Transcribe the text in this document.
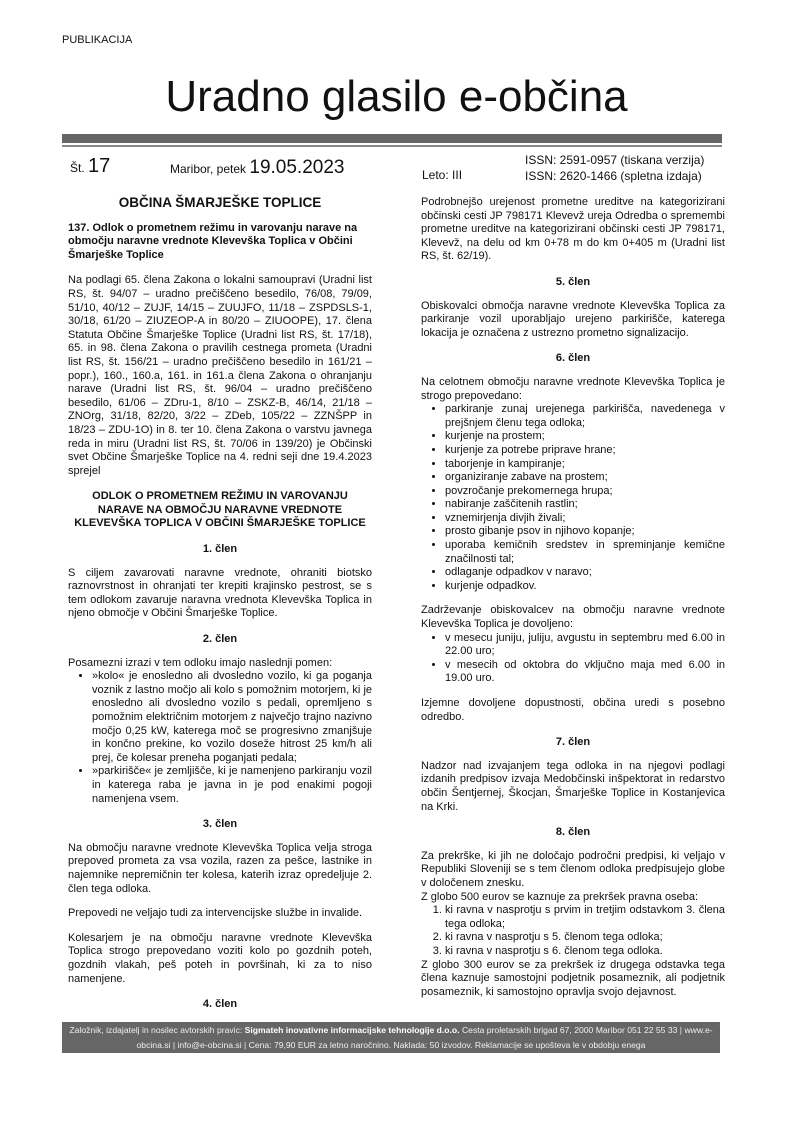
PUBLIKACIJA
Uradno glasilo e-občina
Št. 17	Maribor, petek 19.05.2023	Leto: III
ISSN: 2591-0957 (tiskana verzija)
ISSN: 2620-1466 (spletna izdaja)
OBČINA ŠMARJEŠKE TOPLICE
137. Odlok o prometnem režimu in varovanju narave na območju naravne vrednote Klevevška Toplica v Občini Šmarješke Toplice

Na podlagi 65. člena Zakona o lokalni samoupravi (Uradni list RS, št. 94/07 – uradno prečiščeno besedilo, 76/08, 79/09, 51/10, 40/12 – ZUJF, 14/15 – ZUUJFO, 11/18 – ZSPDSLS-1, 30/18, 61/20 – ZIUZEOP-A in 80/20 – ZIUOOPE), 17. člena Statuta Občine Šmarješke Toplice (Uradni list RS, št. 17/18), 65. in 98. člena Zakona o pravilih cestnega prometa (Uradni list RS, št. 156/21 – uradno prečiščeno besedilo in 161/21 – popr.), 160., 160.a, 161. in 161.a člena Zakona o ohranjanju narave (Uradni list RS, št. 96/04 – uradno prečiščeno besedilo, 61/06 – ZDru-1, 8/10 – ZSKZ-B, 46/14, 21/18 – ZNOrg, 31/18, 82/20, 3/22 – ZDeb, 105/22 – ZZNŠPP in 18/23 – ZDU-1O) in 8. ter 10. člena Zakona o varstvu javnega reda in miru (Uradni list RS, št. 70/06 in 139/20) je Občinski svet Občine Šmarješke Toplice na 4. redni seji dne 19.4.2023 sprejel

ODLOK O PROMETNEM REŽIMU IN VAROVANJU NARAVE NA OBMOČJU NARAVNE VREDNOTE KLEVEVŠKA TOPLICA V OBČINI ŠMARJEŠKE TOPLICE

1. člen

S ciljem zavarovati naravne vrednote, ohraniti biotsko raznovrstnost in ohranjati ter krepiti krajinsko pestrost, se s tem odlokom zavaruje naravna vrednota Klevevška Toplica in njeno območje v Občini Šmarješke Toplice.

2. člen

Posamezni izrazi v tem odloku imajo naslednji pomen:

• »kolo« je enosledno ali dvosledno vozilo, ki ga poganja voznik z lastno močjo ali kolo s pomožnim motorjem, ki je enosledno ali dvosledno vozilo s pedali, opremljeno s pomožnim električnim motorjem z največjo trajno nazivno močjo 0,25 kW, katerega moč se progresivno zmanjšuje in končno prekine, ko vozilo doseže hitrost 25 km/h ali prej, če kolesar preneha poganjati pedala;
• »parkirišče« je zemljišče, ki je namenjeno parkiranju vozil in katerega raba je javna in je pod enakimi pogoji namenjena vsem.

3. člen

Na območju naravne vrednote Klevevška Toplica velja stroga prepoved prometa za vsa vozila, razen za pešce, lastnike in najemnike nepremičnin ter kolesa, katerih izraz opredeljuje 2. člen tega odloka.

Prepovedi ne veljajo tudi za intervencijske službe in invalide.

Kolesarjem je na območju naravne vrednote Klevevška Toplica strogo prepovedano voziti kolo po gozdnih poteh, gozdnih vlakah, peš poteh in površinah, ki za to niso namenjene.

4. člen

Podrobnejšo urejenost prometne ureditve na kategorizirani občinski cesti JP 798171 Klevevž ureja Odredba o spremembi prometne ureditve na kategorizirani občinski cesti JP 798171, Klevevž, na delu od km 0+78 m do km 0+405 m (Uradni list RS, št. 62/19).

5. člen

Obiskovalci območja naravne vrednote Klevevška Toplica za parkiranje vozil uporabljajo urejeno parkirišče, katerega lokacija je označena z ustrezno prometno signalizacijo.

6. člen

Na celotnem območju naravne vrednote Klevevška Toplica je strogo prepovedano:

• parkiranje zunaj urejenega parkirišča, navedenega v prejšnjem členu tega odloka;
• kurjenje na prostem;
• kurjenje za potrebe priprave hrane;
• taborjenje in kampiranje;
• organiziranje zabave na prostem;
• povzročanje prekomernega hrupa;
• nabiranje zaščitenih rastlin;
• vznemirjenja divjih živali;
• prosto gibanje psov in njihovo kopanje;
• uporaba kemičnih sredstev in spreminjanje kemične značilnosti tal;
• odlaganje odpadkov v naravo;
• kurjenje odpadkov.

Zadrževanje obiskovalcev na območju naravne vrednote Klevevška Toplica je dovoljeno:

• v mesecu juniju, juliju, avgustu in septembru med 6.00 in 22.00 uro;
• v mesecih od oktobra do vključno maja med 6.00 in 19.00 uro.

Izjemne dovoljene dopustnosti, občina uredi s posebno odredbo.

7. člen

Nadzor nad izvajanjem tega odloka in na njegovi podlagi izdanih predpisov izvaja Medobčinski inšpektorat in redarstvo občin Šentjernej, Škocjan, Šmarješke Toplice in Kostanjevica na Krki.

8. člen

Za prekrške, ki jih ne določajo področni predpisi, ki veljajo v Republiki Sloveniji se s tem členom odloka predpisujejo globe v določenem znesku.

Z globo 500 eurov se kaznuje za prekršek pravna oseba:

1. ki ravna v nasprotju s prvim in tretjim odstavkom 3. člena tega odloka;
2. ki ravna v nasprotju s 5. členom tega odloka;
3. ki ravna v nasprotju s 6. členom tega odloka.

Z globo 300 eurov se za prekršek iz drugega odstavka tega člena kaznuje samostojni podjetnik posameznik, ali podjetnik posameznik, ki samostojno opravlja svojo dejavnost.

Založnik, izdajatelj in nosilec avtorskih pravic: Sigmateh inovativne informacijske tehnologije d.o.o. Cesta proletarskih brigad 67, 2000 Maribor 051 22 55 33 | www.e-obcina.si | info@e-obcina.si | Cena: 79,90 EUR za letno naročnino. Naklada: 50 izvodov. Reklamacije se upošteva le v obdobju enega
